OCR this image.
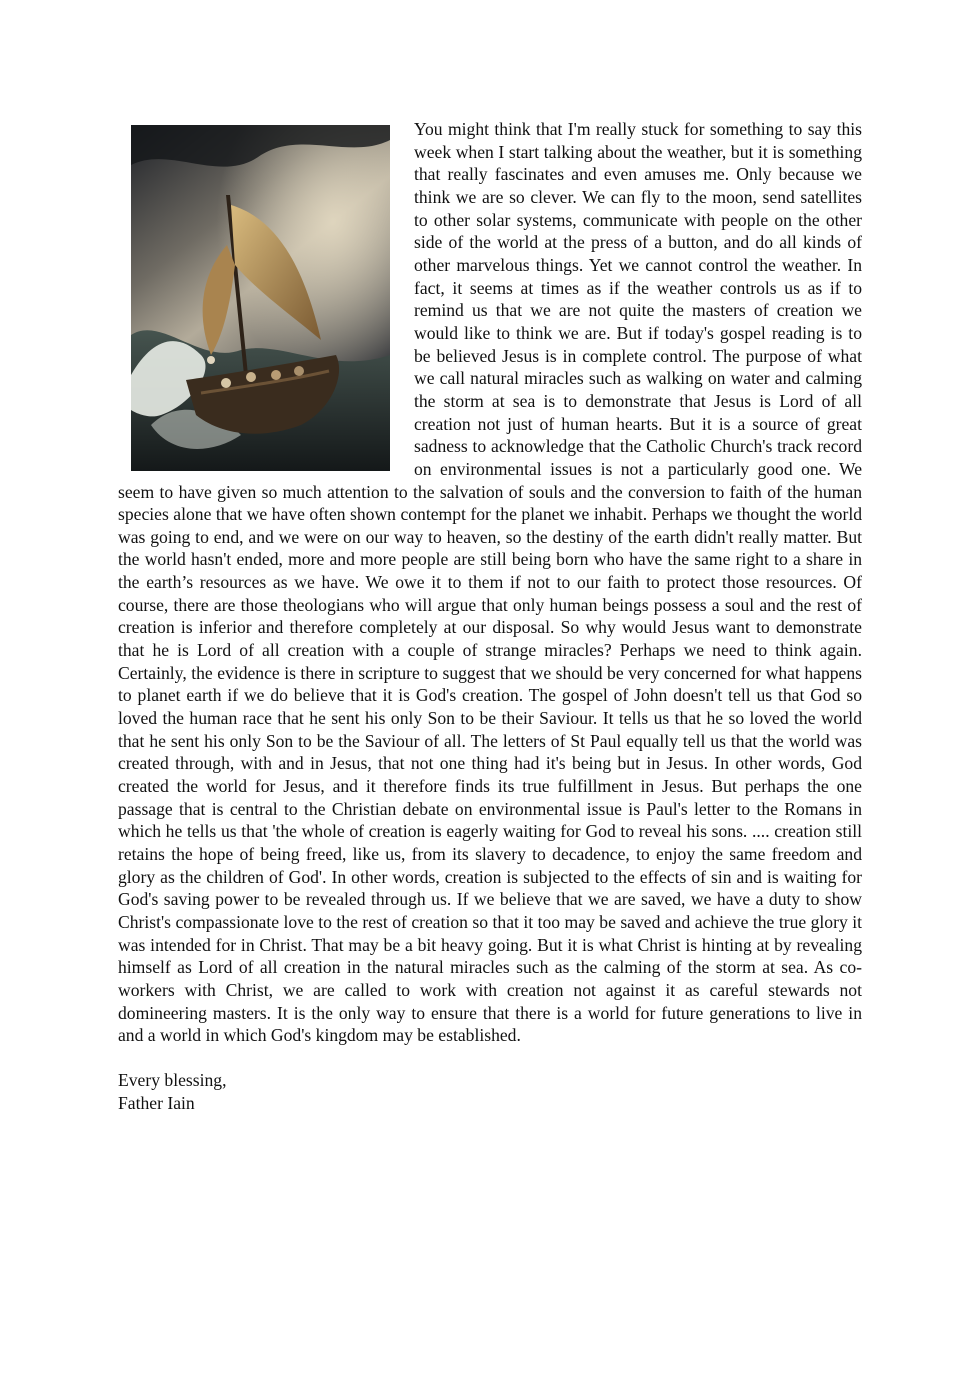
You might think that I'm really stuck for something to say this week when I start talking about the weather, but it is something that really fascinates and even amuses me. Only because we think we are so clever. We can fly to the moon, send satellites to other solar systems, communicate with people on the other side of the world at the press of a button, and do all kinds of other marvelous things. Yet we cannot control the weather. In fact, it seems at times as if the weather controls us as if to remind us that we are not quite the masters of creation we would like to think we are. But if today's gospel reading is to be believed Jesus is in complete control. The purpose of what we call natural miracles such as walking on water and calming the storm at sea is to demonstrate that Jesus is Lord of all creation not just of human hearts. But it is a source of great sadness to acknowledge that the Catholic Church's track record on environmental issues is not a particularly good one. We seem to have given so much attention to the salvation of souls and the conversion to faith of the human species alone that we have often shown contempt for the planet we inhabit. Perhaps we thought the world was going to end, and we were on our way to heaven, so the destiny of the earth didn't really matter. But the world hasn't ended, more and more people are still being born who have the same right to a share in the earth’s resources as we have. We owe it to them if not to our faith to protect those resources. Of course, there are those theologians who will argue that only human beings possess a soul and the rest of creation is inferior and therefore completely at our disposal. So why would Jesus want to demonstrate that he is Lord of all creation with a couple of strange miracles? Perhaps we need to think again. Certainly, the evidence is there in scripture to suggest that we should be very concerned for what happens to planet earth if we do believe that it is God's creation. The gospel of John doesn't tell us that God so loved the human race that he sent his only Son to be their Saviour. It tells us that he so loved the world that he sent his only Son to be the Saviour of all. The letters of St Paul equally tell us that the world was created through, with and in Jesus, that not one thing had it's being but in Jesus. In other words, God created the world for Jesus, and it therefore finds its true fulfillment in Jesus. But perhaps the one passage that is central to the Christian debate on environmental issue is Paul's letter to the Romans in which he tells us that 'the whole of creation is eagerly waiting for God to reveal his sons. .... creation still retains the hope of being freed, like us, from its slavery to decadence, to enjoy the same freedom and glory as the children of God'. In other words, creation is subjected to the effects of sin and is waiting for God's saving power to be revealed through us. If we believe that we are saved, we have a duty to show Christ's compassionate love to the rest of creation so that it too may be saved and achieve the true glory it was intended for in Christ. That may be a bit heavy going. But it is what Christ is hinting at by revealing himself as Lord of all creation in the natural miracles such as the calming of the storm at sea. As co-workers with Christ, we are called to work with creation not against it as careful stewards not domineering masters. It is the only way to ensure that there is a world for future generations to live in and a world in which God's kingdom may be established.

Every blessing,
Father Iain
